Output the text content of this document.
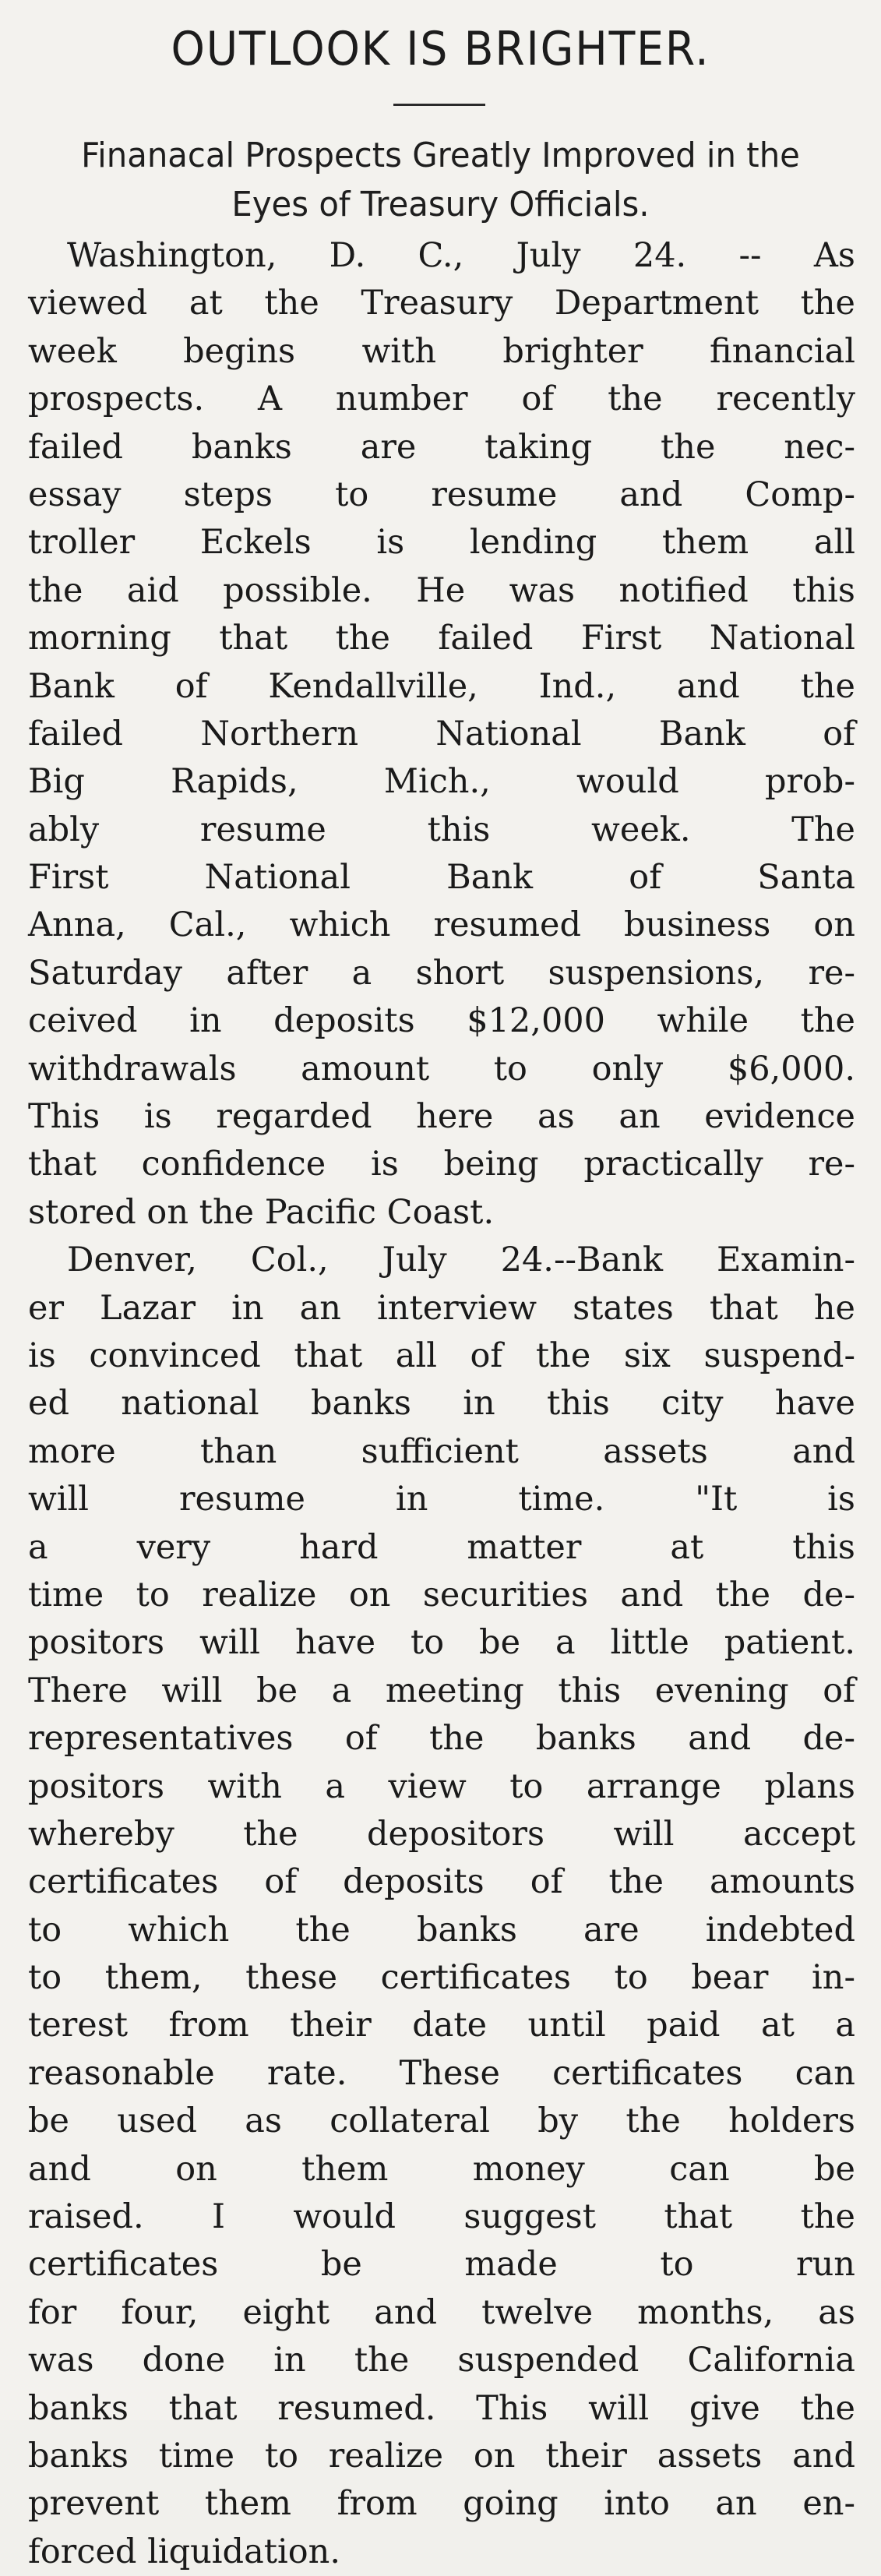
OUTLOOK IS BRIGHTER.
Finanacal Prospects Greatly Improved in the
Eyes of Treasury Officials.
Washington, D. C., July 24. -- As
viewed at the Treasury Department the
week begins with brighter financial
prospects. A number of the recently
failed banks are taking the nec-
essay steps to resume and Comp-
troller Eckels is lending them all
the aid possible. He was notified this
morning that the failed First National
Bank of Kendallville, Ind., and the
failed Northern National Bank of
Big Rapids, Mich., would prob-
ably resume this week. The
First National Bank of Santa
Anna, Cal., which resumed business on
Saturday after a short suspensions, re-
ceived in deposits $12,000 while the
withdrawals amount to only $6,000.
This is regarded here as an evidence
that confidence is being practically re-
stored on the Pacific Coast.
Denver, Col., July 24.--Bank Examin-
er Lazar in an interview states that he
is convinced that all of the six suspend-
ed national banks in this city have
more than sufficient assets and
will resume in time. "It is
a very hard matter at this
time to realize on securities and the de-
positors will have to be a little patient.
There will be a meeting this evening of
representatives of the banks and de-
positors with a view to arrange plans
whereby the depositors will accept
certificates of deposits of the amounts
to which the banks are indebted
to them, these certificates to bear in-
terest from their date until paid at a
reasonable rate. These certificates can
be used as collateral by the holders
and on them money can be
raised. I would suggest that the
certificates be made to run
for four, eight and twelve months, as
was done in the suspended California
banks that resumed. This will give the
banks time to realize on their assets and
prevent them from going into an en-
forced liquidation.
